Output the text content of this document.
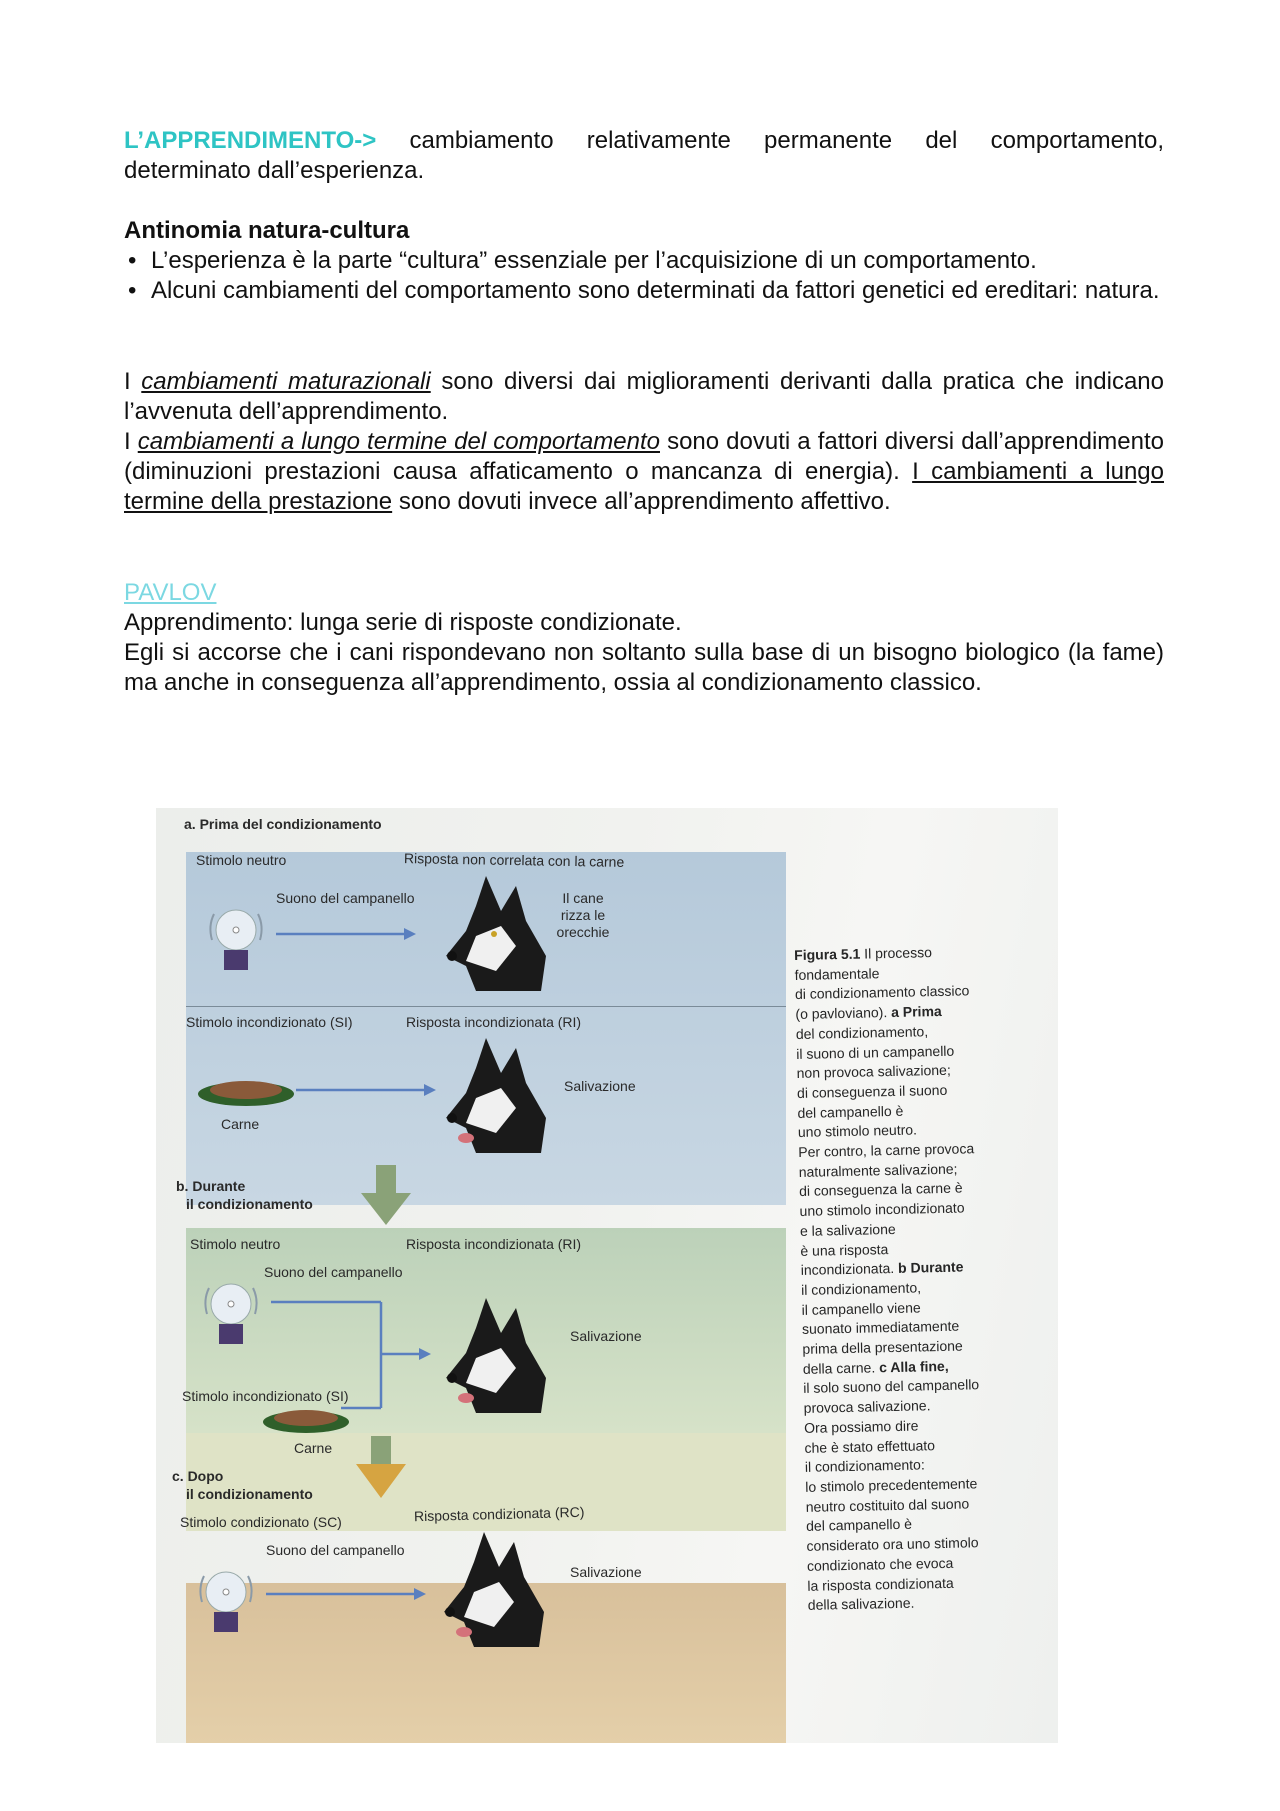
L’APPRENDIMENTO-> cambiamento relativamente permanente del comportamento, determinato dall’esperienza.
Antinomia natura-cultura
• L’esperienza è la parte “cultura” essenziale per l’acquisizione di un comportamento.
• Alcuni cambiamenti del comportamento sono determinati da fattori genetici ed ereditari: natura.
I cambiamenti maturazionali sono diversi dai miglioramenti derivanti dalla pratica che indicano l’avvenuta dell’apprendimento.
I cambiamenti a lungo termine del comportamento sono dovuti a fattori diversi dall’apprendimento (diminuzioni prestazioni causa affaticamento o mancanza di energia). I cambiamenti a lungo termine della prestazione sono dovuti invece all’apprendimento affettivo.
PAVLOV
Apprendimento: lunga serie di risposte condizionate.
Egli si accorse che i cani rispondevano non soltanto sulla base di un bisogno biologico (la fame) ma anche in conseguenza all’apprendimento, ossia al condizionamento classico.
a. Prima del condizionamento
Stimolo neutro	Risposta non correlata con la carne
Suono del campanello	Il cane rizza le orecchie
Stimolo incondizionato (SI)	Risposta incondizionata (RI)
Carne
Salivazione
b. Durante
il condizionamento
Stimolo neutro	Risposta incondizionata (RI)
Suono del campanello
Salivazione
Stimolo incondizionato (SI)
Carne
c. Dopo
il condizionamento
Stimolo condizionato (SC)	Risposta condizionata (RC)
Suono del campanello
Salivazione
Figura 5.1 Il processo
fondamentale
di condizionamento classico
(o pavloviano). a Prima
del condizionamento,
il suono di un campanello
non provoca salivazione;
di conseguenza il suono
del campanello è
uno stimolo neutro.
Per contro, la carne provoca
naturalmente salivazione;
di conseguenza la carne è
uno stimolo incondizionato
e la salivazione
è una risposta
incondizionata. b Durante
il condizionamento,
il campanello viene
suonato immediatamente
prima della presentazione
della carne. c Alla fine,
il solo suono del campanello
provoca salivazione.
Ora possiamo dire
che è stato effettuato
il condizionamento:
lo stimolo precedentemente
neutro costituito dal suono
del campanello è
considerato ora uno stimolo
condizionato che evoca
la risposta condizionata
della salivazione.
